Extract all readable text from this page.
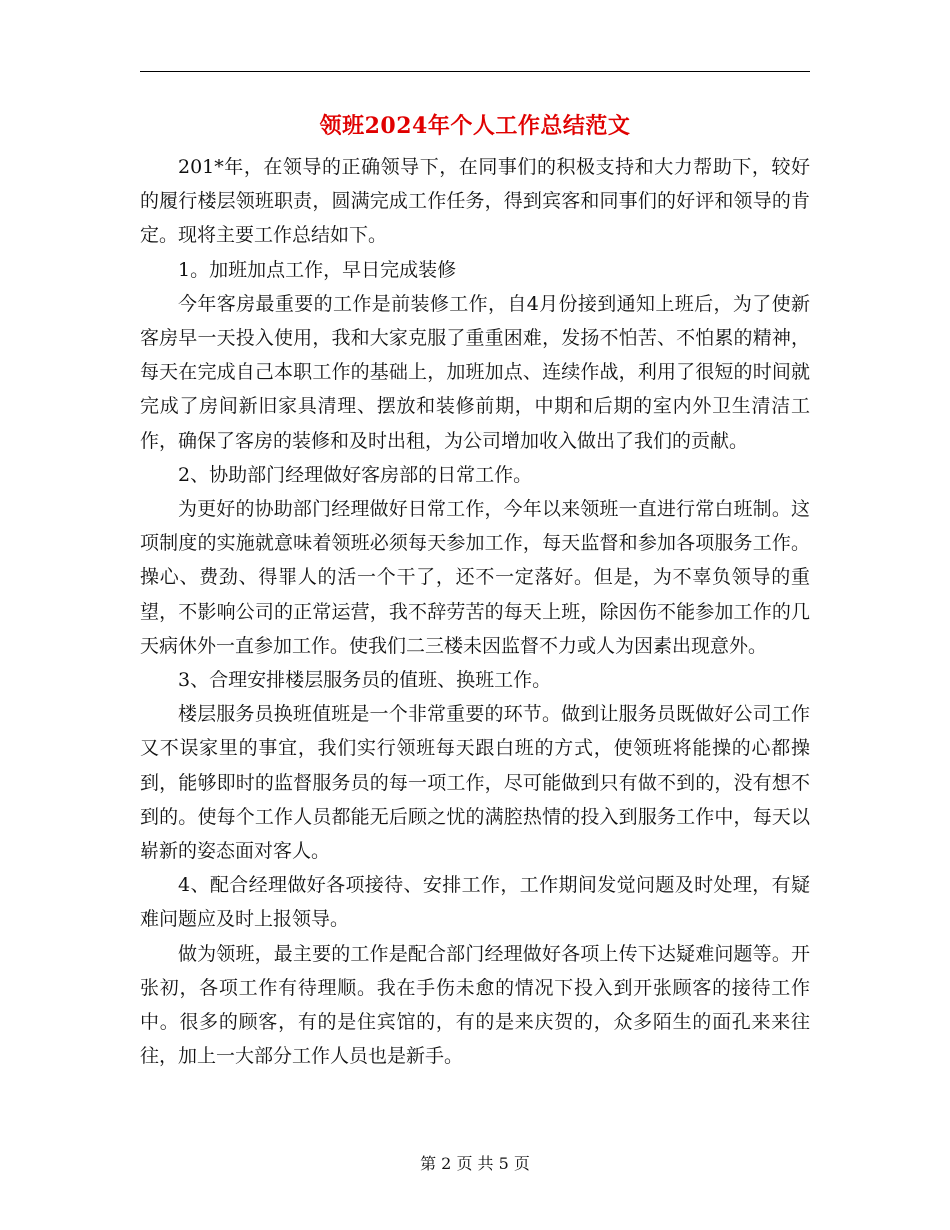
领班2024年个人工作总结范文

201*年，在领导的正确领导下，在同事们的积极支持和大力帮助下，较好的履行楼层领班职责，圆满完成工作任务，得到宾客和同事们的好评和领导的肯定。现将主要工作总结如下。

1。加班加点工作，早日完成装修

今年客房最重要的工作是前装修工作，自4月份接到通知上班后，为了使新客房早一天投入使用，我和大家克服了重重困难，发扬不怕苦、不怕累的精神，每天在完成自己本职工作的基础上，加班加点、连续作战，利用了很短的时间就完成了房间新旧家具清理、摆放和装修前期，中期和后期的室内外卫生清洁工作，确保了客房的装修和及时出租，为公司增加收入做出了我们的贡献。

2、协助部门经理做好客房部的日常工作。

为更好的协助部门经理做好日常工作，今年以来领班一直进行常白班制。这项制度的实施就意味着领班必须每天参加工作，每天监督和参加各项服务工作。操心、费劲、得罪人的活一个干了，还不一定落好。但是，为不辜负领导的重望，不影响公司的正常运营，我不辞劳苦的每天上班，除因伤不能参加工作的几天病休外一直参加工作。使我们二三楼未因监督不力或人为因素出现意外。

3、合理安排楼层服务员的值班、换班工作。

楼层服务员换班值班是一个非常重要的环节。做到让服务员既做好公司工作又不误家里的事宜，我们实行领班每天跟白班的方式，使领班将能操的心都操到，能够即时的监督服务员的每一项工作，尽可能做到只有做不到的，没有想不到的。使每个工作人员都能无后顾之忧的满腔热情的投入到服务工作中，每天以崭新的姿态面对客人。

4、配合经理做好各项接待、安排工作，工作期间发觉问题及时处理，有疑难问题应及时上报领导。

做为领班，最主要的工作是配合部门经理做好各项上传下达疑难问题等。开张初，各项工作有待理顺。我在手伤未愈的情况下投入到开张顾客的接待工作中。很多的顾客，有的是住宾馆的，有的是来庆贺的，众多陌生的面孔来来往往，加上一大部分工作人员也是新手。

第 2 页 共 5 页
